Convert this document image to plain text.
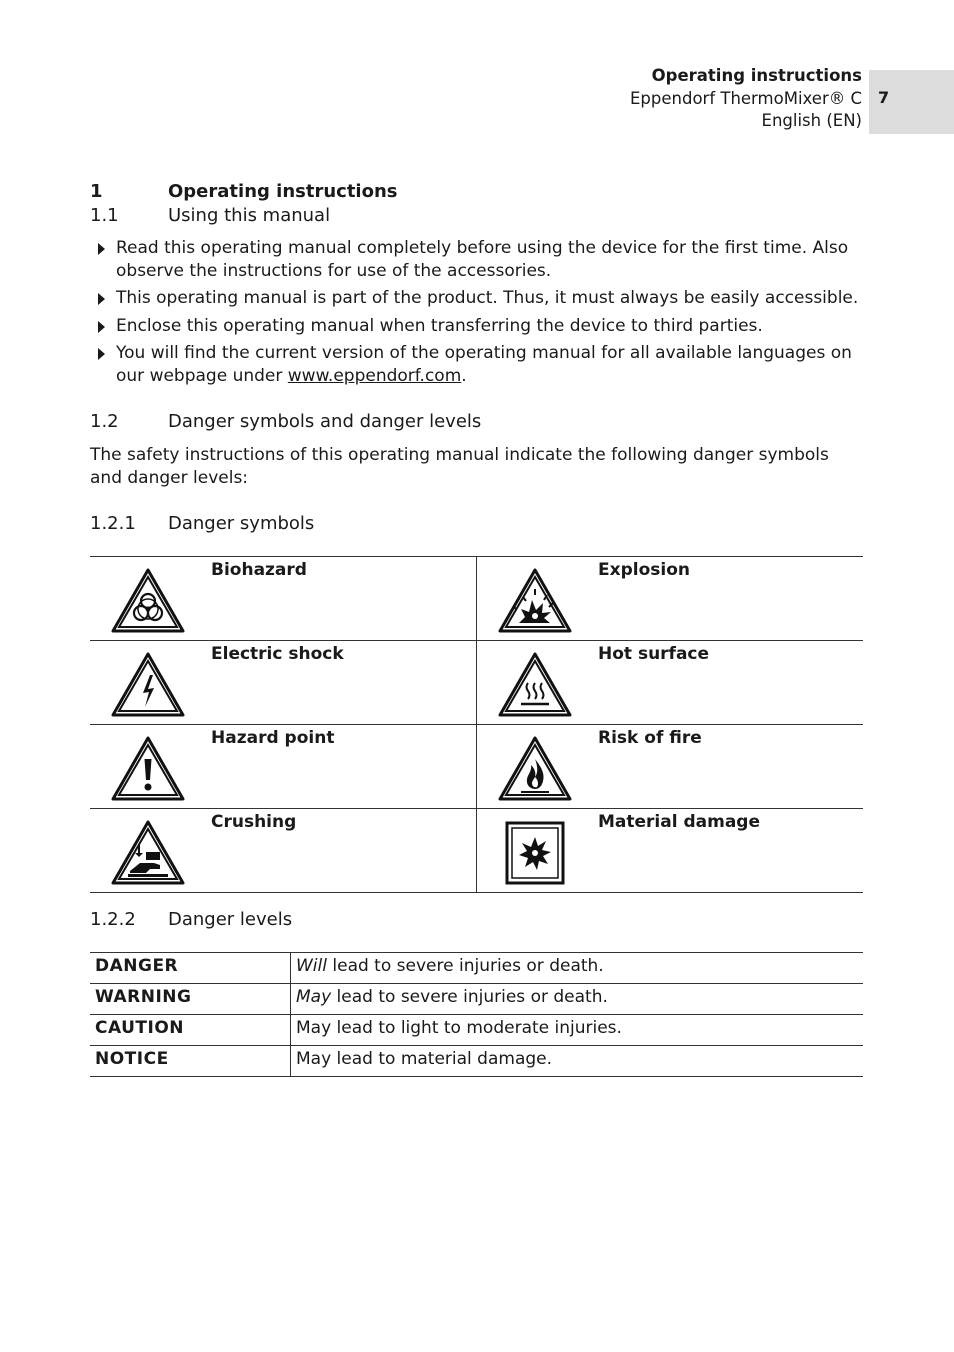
Operating instructions
Eppendorf ThermoMixer® C
English (EN)
7
1	Operating instructions
1.1	Using this manual
Read this operating manual completely before using the device for the first time. Also observe the instructions for use of the accessories.
This operating manual is part of the product. Thus, it must always be easily accessible.
Enclose this operating manual when transferring the device to third parties.
You will find the current version of the operating manual for all available languages on our webpage under www.eppendorf.com.
1.2	Danger symbols and danger levels
The safety instructions of this operating manual indicate the following danger symbols and danger levels:
1.2.1 Danger symbols
Biohazard	Explosion
Electric shock	Hot surface
Hazard point	Risk of fire
Crushing	Material damage
1.2.2 Danger levels
DANGER	Will lead to severe injuries or death.
WARNING	May lead to severe injuries or death.
CAUTION	May lead to light to moderate injuries.
NOTICE	May lead to material damage.
